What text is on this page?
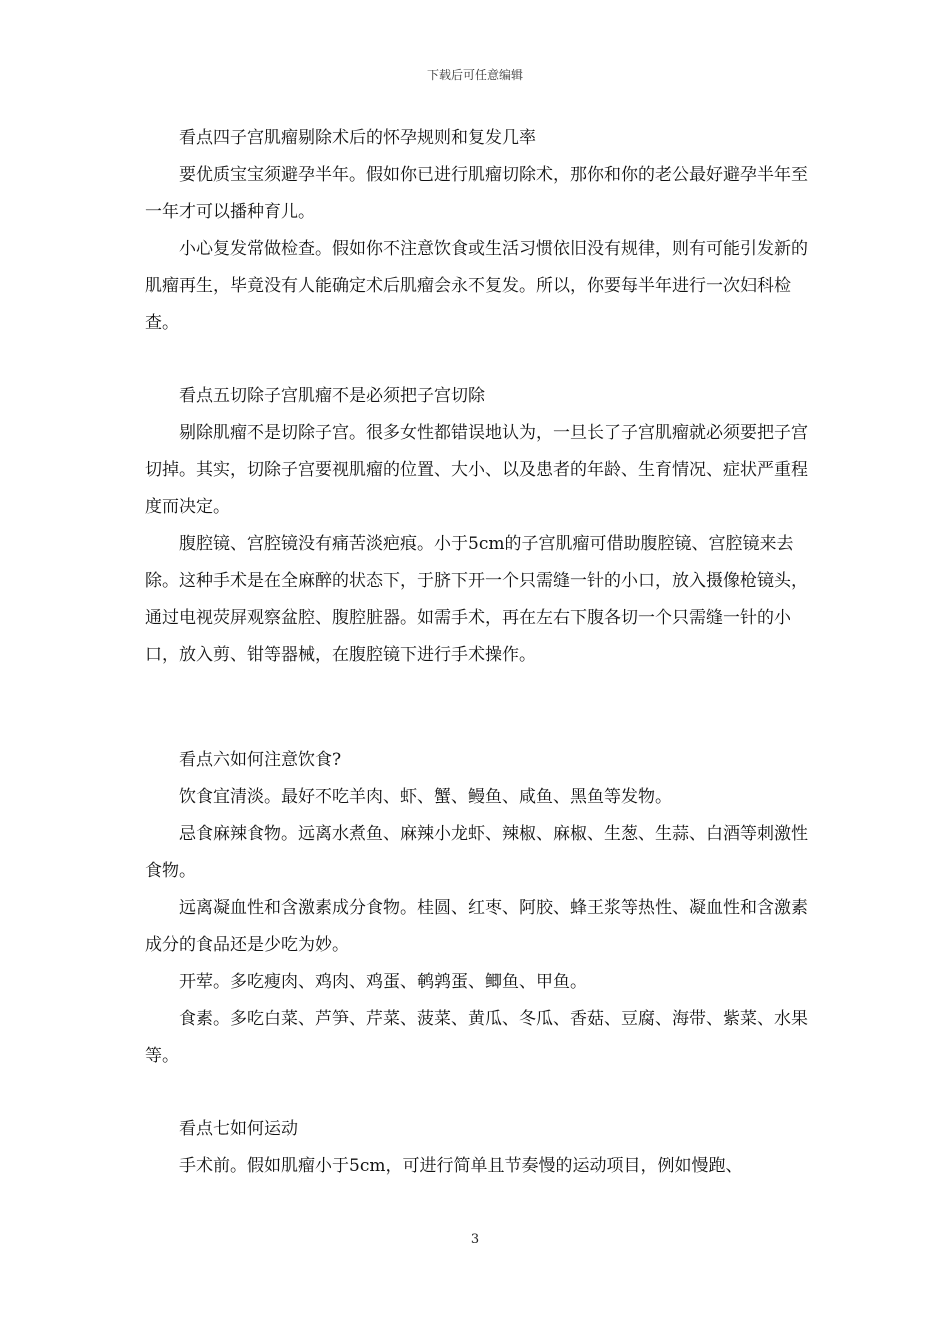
下载后可任意编辑

看点四子宫肌瘤剔除术后的怀孕规则和复发几率

要优质宝宝须避孕半年。假如你已进行肌瘤切除术，那你和你的老公最好避孕半年至一年才可以播种育儿。

小心复发常做检查。假如你不注意饮食或生活习惯依旧没有规律，则有可能引发新的肌瘤再生，毕竟没有人能确定术后肌瘤会永不复发。所以，你要每半年进行一次妇科检查。

看点五切除子宫肌瘤不是必须把子宫切除

剔除肌瘤不是切除子宫。很多女性都错误地认为，一旦长了子宫肌瘤就必须要把子宫切掉。其实，切除子宫要视肌瘤的位置、大小、以及患者的年龄、生育情况、症状严重程度而决定。

腹腔镜、宫腔镜没有痛苦淡疤痕。小于5cm的子宫肌瘤可借助腹腔镜、宫腔镜来去除。这种手术是在全麻醉的状态下，于脐下开一个只需缝一针的小口，放入摄像枪镜头，通过电视荧屏观察盆腔、腹腔脏器。如需手术，再在左右下腹各切一个只需缝一针的小口，放入剪、钳等器械，在腹腔镜下进行手术操作。

看点六如何注意饮食?

饮食宜清淡。最好不吃羊肉、虾、蟹、鳗鱼、咸鱼、黑鱼等发物。

忌食麻辣食物。远离水煮鱼、麻辣小龙虾、辣椒、麻椒、生葱、生蒜、白酒等刺激性食物。

远离凝血性和含激素成分食物。桂圆、红枣、阿胶、蜂王浆等热性、凝血性和含激素成分的食品还是少吃为妙。

开荤。多吃瘦肉、鸡肉、鸡蛋、鹌鹑蛋、鲫鱼、甲鱼。

食素。多吃白菜、芦笋、芹菜、菠菜、黄瓜、冬瓜、香菇、豆腐、海带、紫菜、水果等。

看点七如何运动

手术前。假如肌瘤小于5cm，可进行简单且节奏慢的运动项目，例如慢跑、

3
